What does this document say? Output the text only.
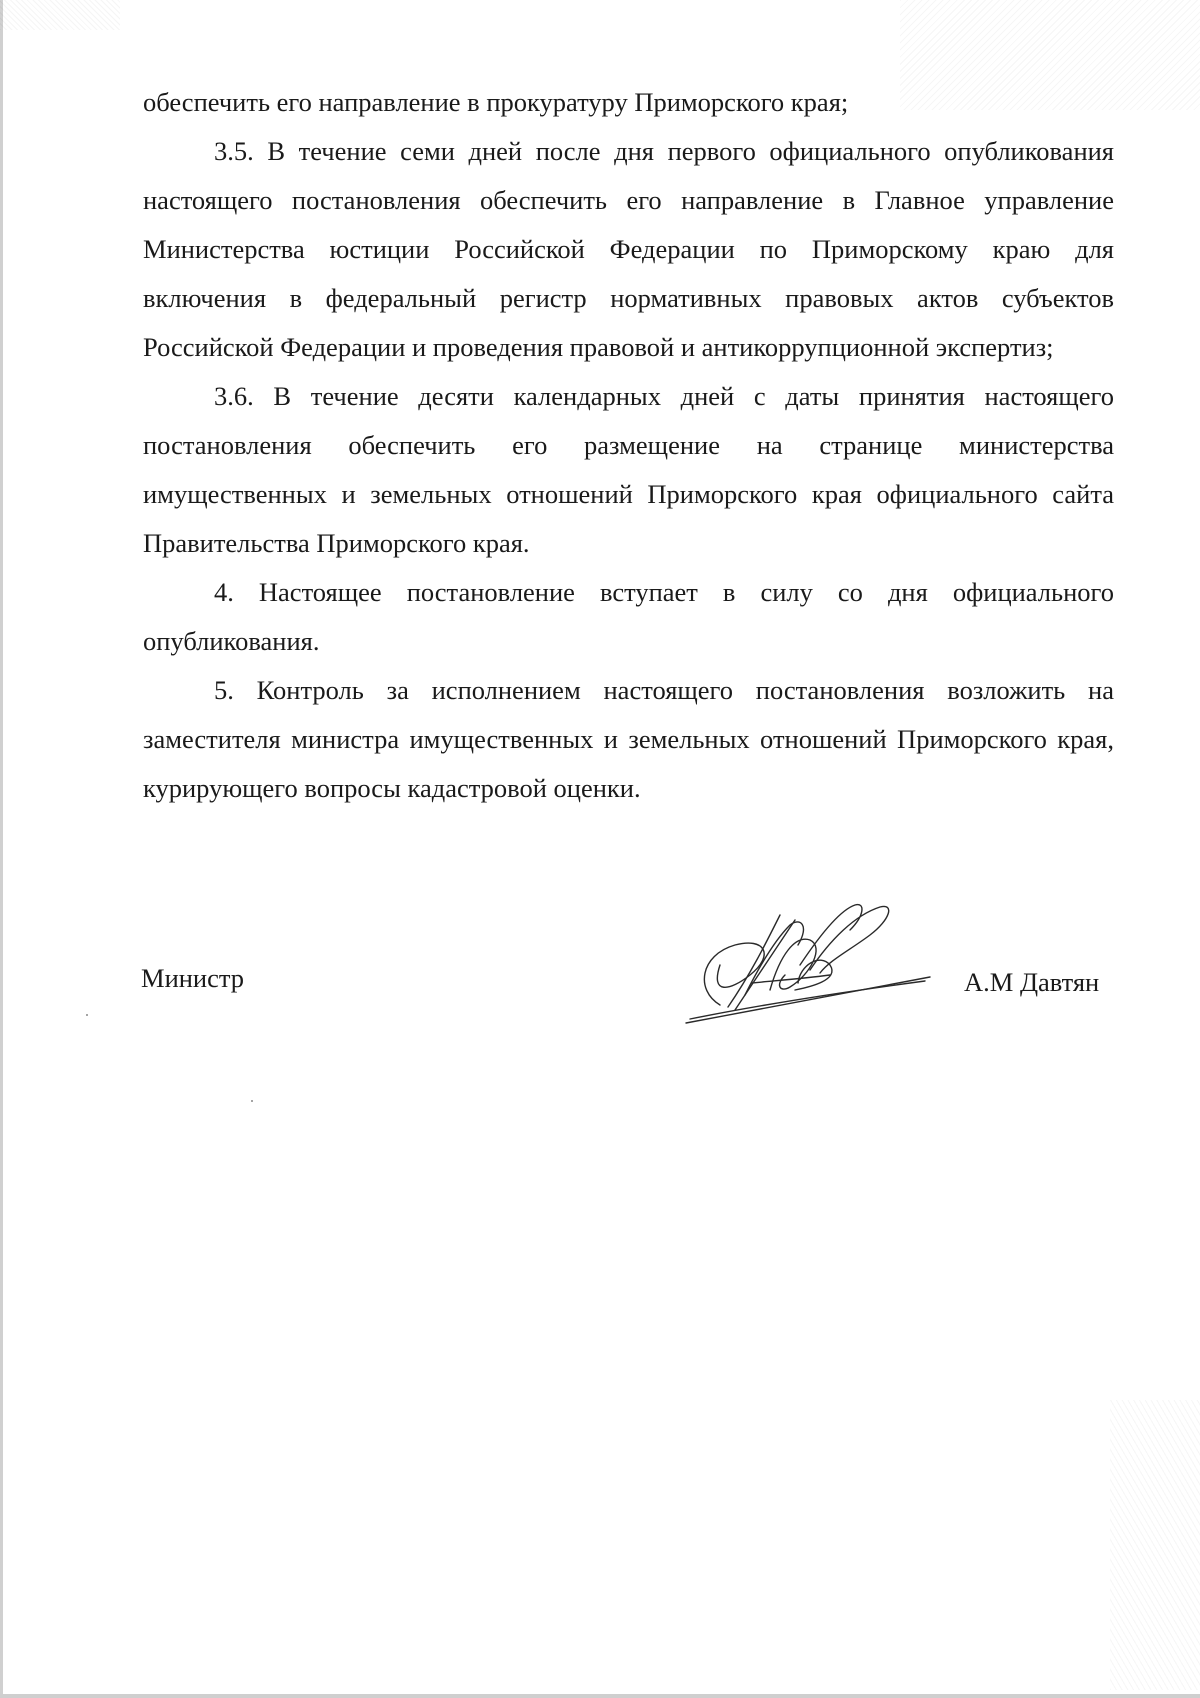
обеспечить его направление в прокуратуру Приморского края;

3.5. В течение семи дней после дня первого официального опубликования настоящего постановления обеспечить его направление в Главное управление Министерства юстиции Российской Федерации по Приморскому краю для включения в федеральный регистр нормативных правовых актов субъектов Российской Федерации и проведения правовой и антикоррупционной экспертиз;

3.6. В течение десяти календарных дней с даты принятия настоящего постановления обеспечить его размещение на странице министерства имущественных и земельных отношений Приморского края официального сайта Правительства Приморского края.

4. Настоящее постановление вступает в силу со дня официального опубликования.

5. Контроль за исполнением настоящего постановления возложить на заместителя министра имущественных и земельных отношений Приморского края, курирующего вопросы кадастровой оценки.

Министр	А.М Давтян
